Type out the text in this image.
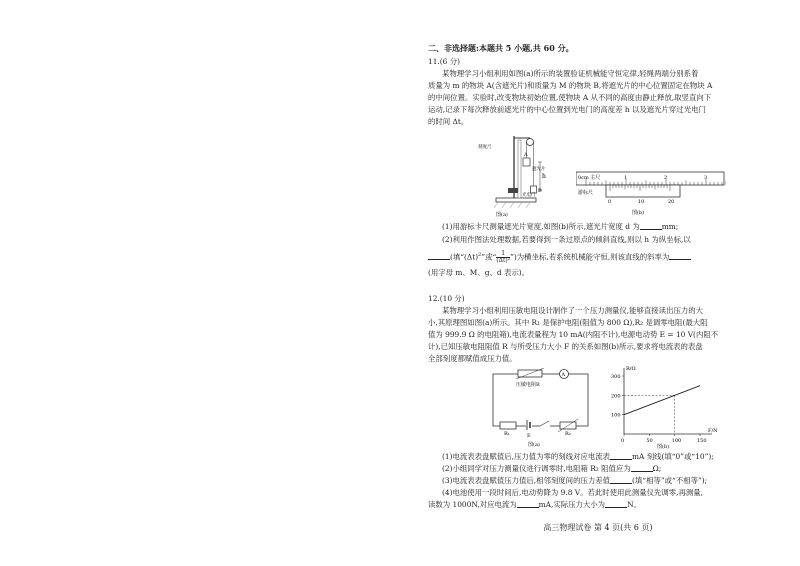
二、非选择题:本题共 5 小题,共 60 分。
11.(6 分)
某物理学习小组利用如图(a)所示的装置验证机械能守恒定律,轻绳两端分别系着
质量为 m 的物块 A(含遮光片)和质量为 M 的物块 B,将遮光片的中心位置固定在物块 A
的中间位置。实验时,改变物块初始位置,使物块 A 从不同的高度由静止释放,取竖直向下
运动,记录下每次释放前遮光片的中心位置到光电门的高度差 h 以及遮光片穿过光电门
的时间 Δt。
h
刻度尺
遮光片
光电门
A
B
图(a)
0cm 主尺	1	2	3
游标尺
0	10	20
图(b)
(1)用游标卡尺测量遮光片宽度,如图(b)所示,遮光片宽度 d 为	mm;
(2)利用作图法处理数据,若要得到一条过原点的倾斜直线,则以 h 为纵坐标,以
(填“$(\Delta t)^2$”或“ $\frac{1}{\text{(Δt)²}}$ ”)为横坐标,若系统机械能守恒,则该直线的斜率为
(用字母 m、M、g、d 表示)。
12.(10 分)
某物理学习小组利用压敏电阻设计制作了一个压力测量仪,能够直接读出压力的大
小,其原理图如图(a)所示。其中 R₁ 是保护电阻(阻值为 800 Ω),R₂ 是调零电阻(最大阻
值为 999.9 Ω 的电阻箱),电流表量程为 10 mA(内阻不计),电源电动势 E = 10 V(内阻不
计),已知压敏电阻阻值 R 与所受压力大小 F 的关系如图(b)所示,要求将电流表的表盘
全部刻度都赋值成压力值。
压敏电阻R
A
R₁	E	R₂
图(a)
R/Ω
F/N
300
200
100
0	50	100	150
图(b)
(1)电流表表盘赋值后,压力值为零的刻线对应电流表	mA 刻线(填“0”或“10”);
(2)小组同学对压力测量仪进行调零时,电阻箱 R₂ 阻值应为	Ω;
(3)电流表表盘赋值压力值后,相邻刻度间的压力差值	(填“相等”或“不相等”);
(4)电池使用一段时间后,电动势降为 9.8 V。若此时使用此测量仪先调零,再测量,
读数为 1000N,对应电流为	mA,实际压力大小为	N。
高三物理试卷 第 4 页(共 6 页)
